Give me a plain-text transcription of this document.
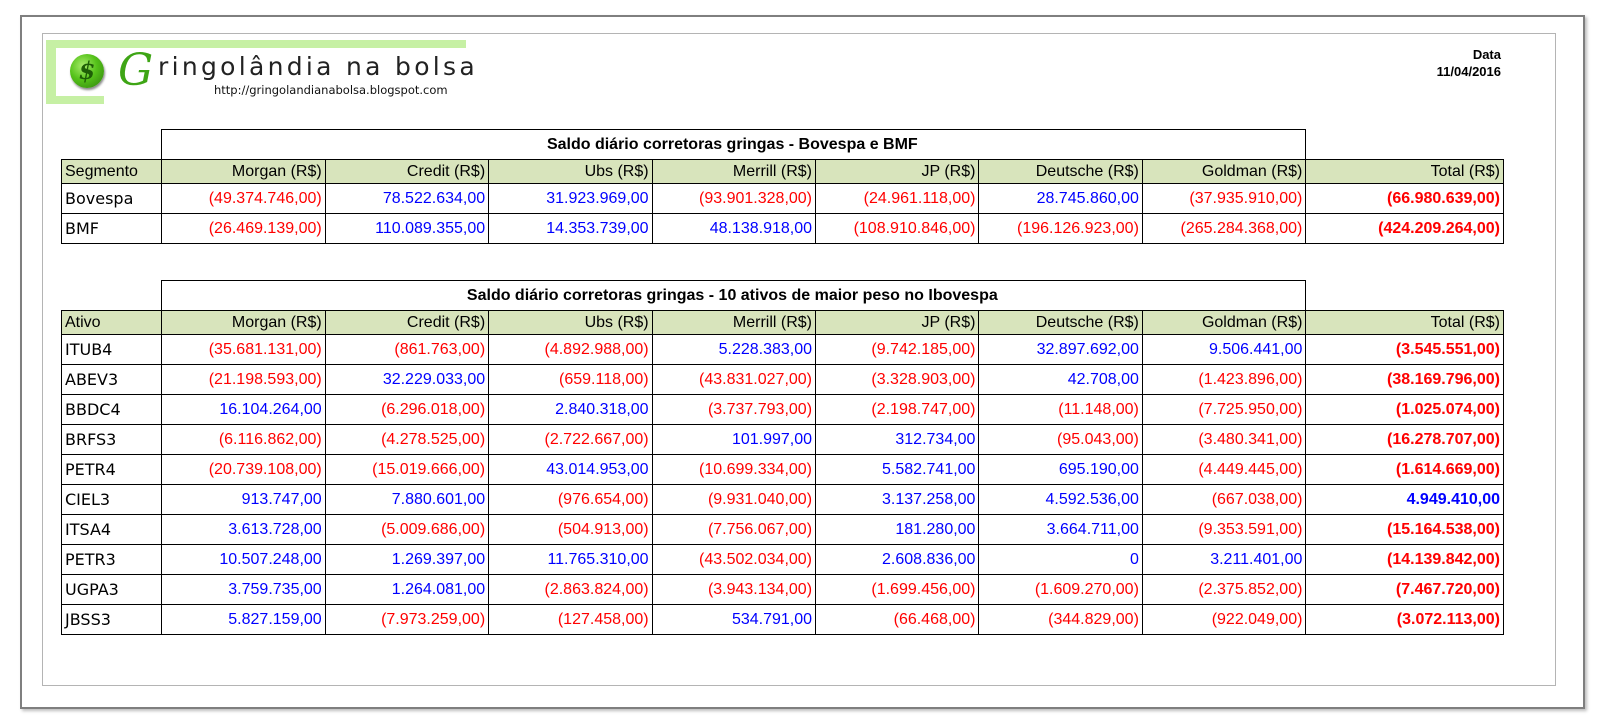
$ G ringolândia na bolsa
http://gringolandianabolsa.blogspot.com
Data
11/04/2016
	Saldo diário corretoras gringas - Bovespa e BMF							
Segmento	Morgan (R$)	Credit (R$)	Ubs (R$)	Merrill (R$)	JP (R$)	Deutsche (R$)	Goldman (R$)	Total (R$)
Bovespa	(49.374.746,00)	78.522.634,00	31.923.969,00	(93.901.328,00)	(24.961.118,00)	28.745.860,00	(37.935.910,00)	(66.980.639,00)
BMF	(26.469.139,00)	110.089.355,00	14.353.739,00	48.138.918,00	(108.910.846,00)	(196.126.923,00)	(265.284.368,00)	(424.209.264,00)
	Saldo diário corretoras gringas - 10 ativos de maior peso no Ibovespa							
Ativo	Morgan (R$)	Credit (R$)	Ubs (R$)	Merrill (R$)	JP (R$)	Deutsche (R$)	Goldman (R$)	Total (R$)
ITUB4	(35.681.131,00)	(861.763,00)	(4.892.988,00)	5.228.383,00	(9.742.185,00)	32.897.692,00	9.506.441,00	(3.545.551,00)
ABEV3	(21.198.593,00)	32.229.033,00	(659.118,00)	(43.831.027,00)	(3.328.903,00)	42.708,00	(1.423.896,00)	(38.169.796,00)
BBDC4	16.104.264,00	(6.296.018,00)	2.840.318,00	(3.737.793,00)	(2.198.747,00)	(11.148,00)	(7.725.950,00)	(1.025.074,00)
BRFS3	(6.116.862,00)	(4.278.525,00)	(2.722.667,00)	101.997,00	312.734,00	(95.043,00)	(3.480.341,00)	(16.278.707,00)
PETR4	(20.739.108,00)	(15.019.666,00)	43.014.953,00	(10.699.334,00)	5.582.741,00	695.190,00	(4.449.445,00)	(1.614.669,00)
CIEL3	913.747,00	7.880.601,00	(976.654,00)	(9.931.040,00)	3.137.258,00	4.592.536,00	(667.038,00)	4.949.410,00
ITSA4	3.613.728,00	(5.009.686,00)	(504.913,00)	(7.756.067,00)	181.280,00	3.664.711,00	(9.353.591,00)	(15.164.538,00)
PETR3	10.507.248,00	1.269.397,00	11.765.310,00	(43.502.034,00)	2.608.836,00	0	3.211.401,00	(14.139.842,00)
UGPA3	3.759.735,00	1.264.081,00	(2.863.824,00)	(3.943.134,00)	(1.699.456,00)	(1.609.270,00)	(2.375.852,00)	(7.467.720,00)
JBSS3	5.827.159,00	(7.973.259,00)	(127.458,00)	534.791,00	(66.468,00)	(344.829,00)	(922.049,00)	(3.072.113,00)
